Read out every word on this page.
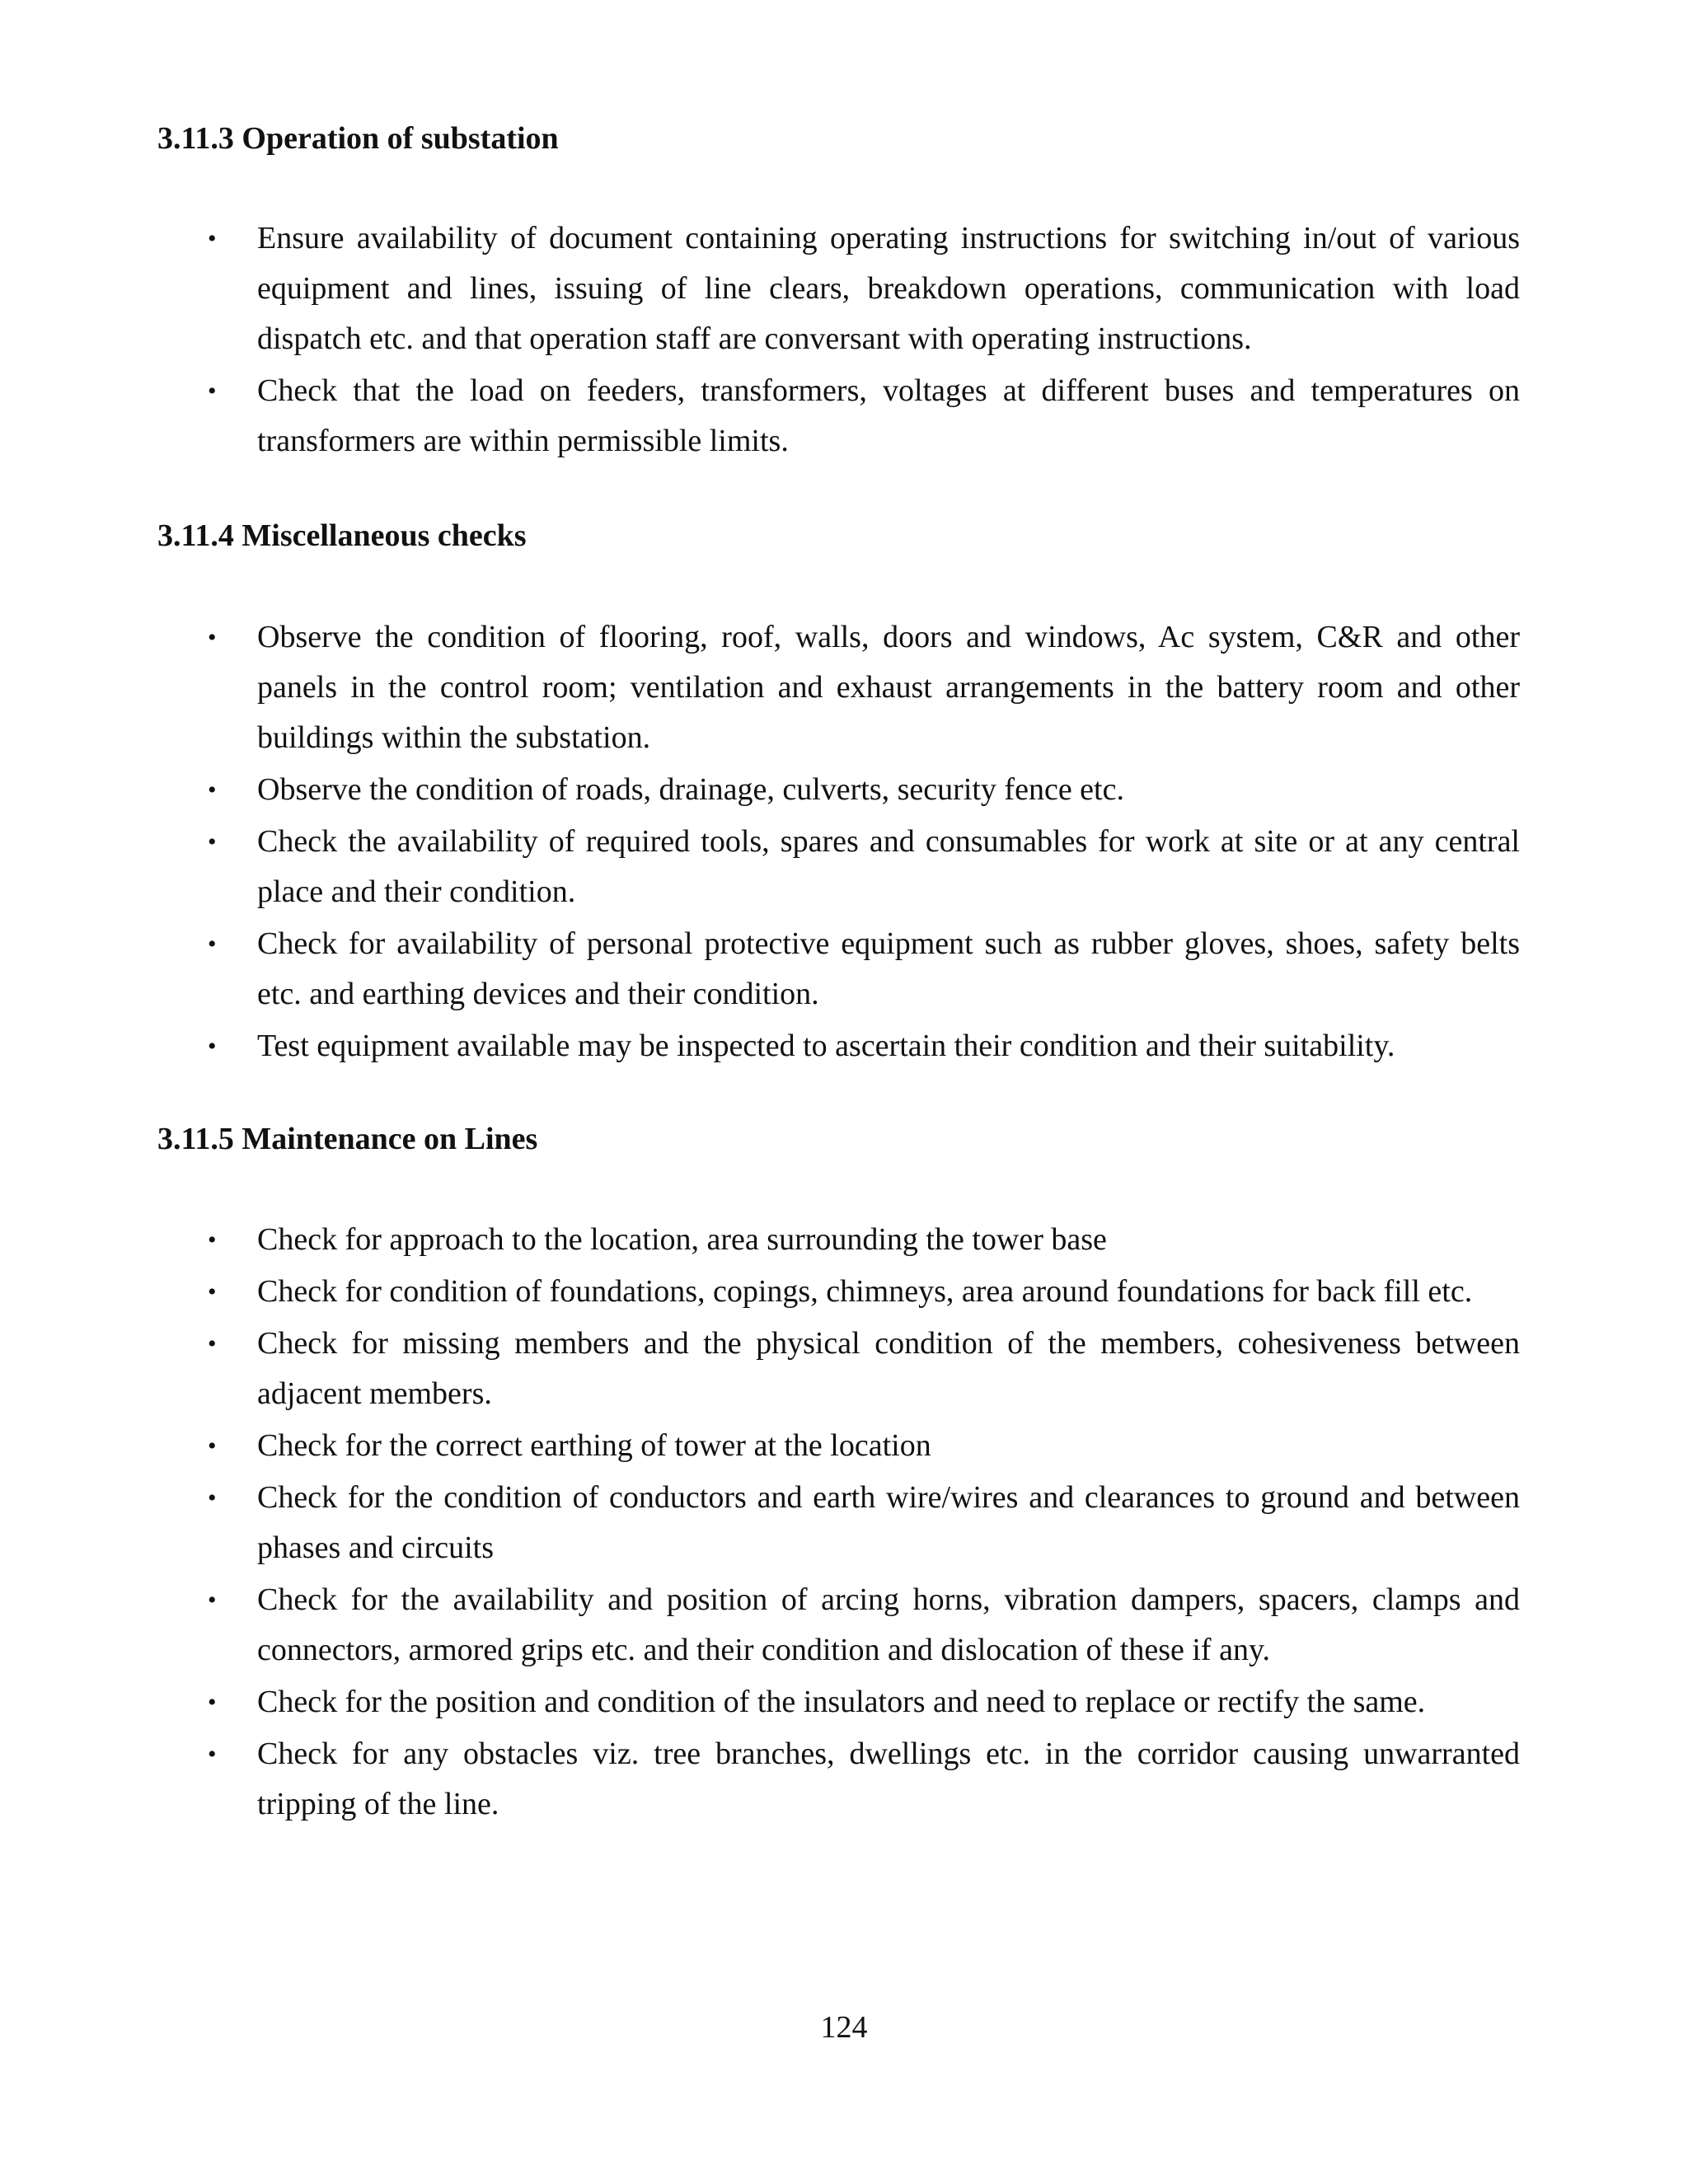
3.11.3 Operation of substation
• Ensure availability of document containing operating instructions for switching in/out of various equipment and lines, issuing of line clears, breakdown operations, communication with load dispatch etc. and that operation staff are conversant with operating instructions.
• Check that the load on feeders, transformers, voltages at different buses and temperatures on transformers are within permissible limits.
3.11.4 Miscellaneous checks
• Observe the condition of flooring, roof, walls, doors and windows, Ac system, C&R and other panels in the control room; ventilation and exhaust arrangements in the battery room and other buildings within the substation.
• Observe the condition of roads, drainage, culverts, security fence etc.
• Check the availability of required tools, spares and consumables for work at site or at any central place and their condition.
• Check for availability of personal protective equipment such as rubber gloves, shoes, safety belts etc. and earthing devices and their condition.
• Test equipment available may be inspected to ascertain their condition and their suitability.
3.11.5 Maintenance on Lines
• Check for approach to the location, area surrounding the tower base
• Check for condition of foundations, copings, chimneys, area around foundations for back fill etc.
• Check for missing members and the physical condition of the members, cohesiveness between adjacent members.
• Check for the correct earthing of tower at the location
• Check for the condition of conductors and earth wire/wires and clearances to ground and between phases and circuits
• Check for the availability and position of arcing horns, vibration dampers, spacers, clamps and connectors, armored grips etc. and their condition and dislocation of these if any.
• Check for the position and condition of the insulators and need to replace or rectify the same.
• Check for any obstacles viz. tree branches, dwellings etc. in the corridor causing unwarranted tripping of the line.
124
